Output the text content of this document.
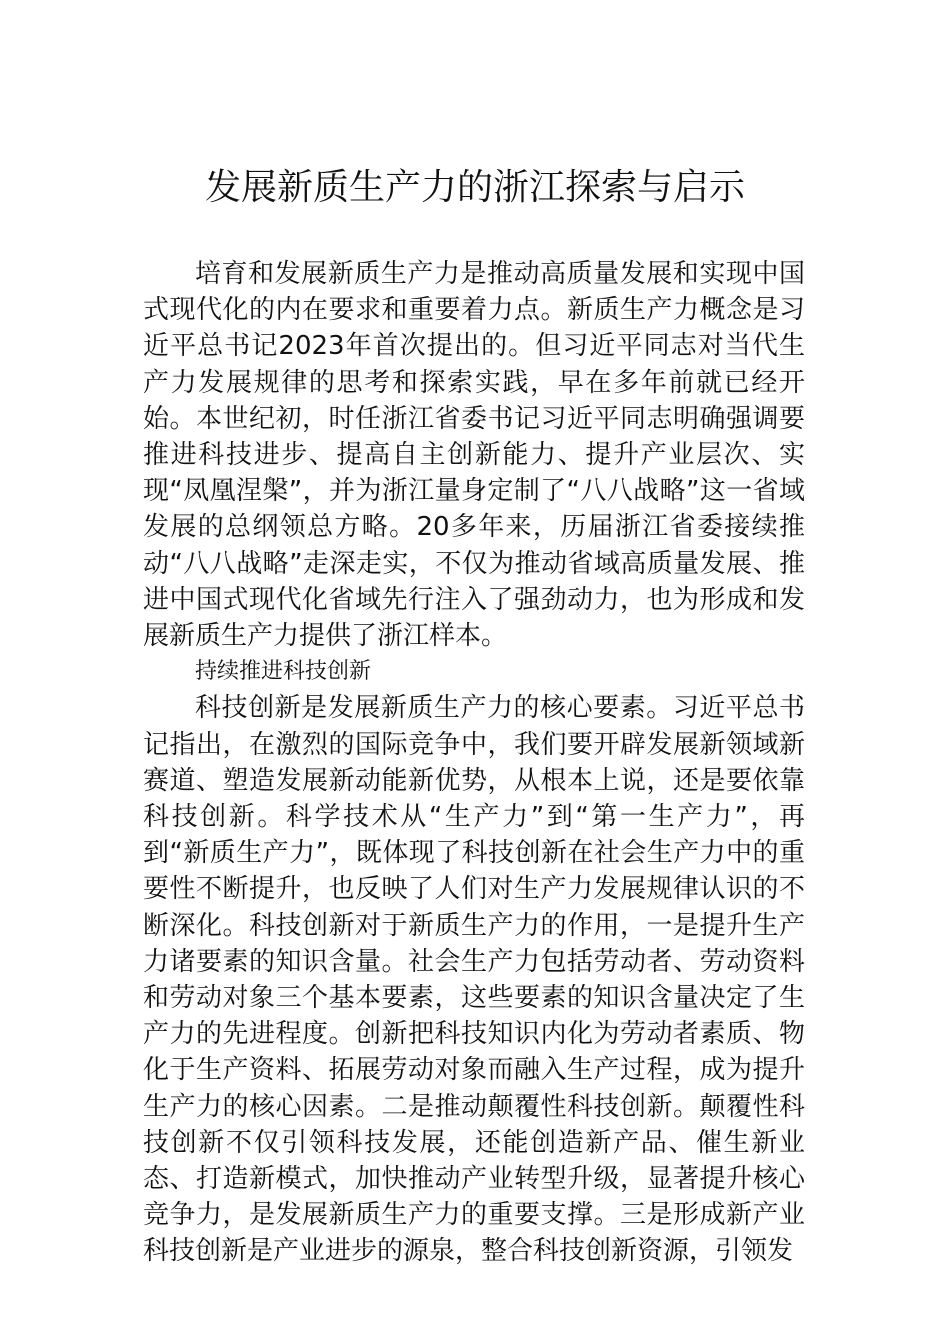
发展新质生产力的浙江探索与启示

培育和发展新质生产力是推动高质量发展和实现中国式现代化的内在要求和重要着力点。新质生产力概念是习近平总书记2023年首次提出的。但习近平同志对当代生产力发展规律的思考和探索实践，早在多年前就已经开始。本世纪初，时任浙江省委书记习近平同志明确强调要推进科技进步、提高自主创新能力、提升产业层次、实现“凤凰涅槃”，并为浙江量身定制了“八八战略”这一省域发展的总纲领总方略。20多年来，历届浙江省委接续推动“八八战略”走深走实，不仅为推动省域高质量发展、推进中国式现代化省域先行注入了强劲动力，也为形成和发展新质生产力提供了浙江样本。

持续推进科技创新

科技创新是发展新质生产力的核心要素。习近平总书记指出，在激烈的国际竞争中，我们要开辟发展新领域新赛道、塑造发展新动能新优势，从根本上说，还是要依靠科技创新。科学技术从“生产力”到“第一生产力”，再到“新质生产力”，既体现了科技创新在社会生产力中的重要性不断提升，也反映了人们对生产力发展规律认识的不断深化。科技创新对于新质生产力的作用，一是提升生产力诸要素的知识含量。社会生产力包括劳动者、劳动资料和劳动对象三个基本要素，这些要素的知识含量决定了生产力的先进程度。创新把科技知识内化为劳动者素质、物化于生产资料、拓展劳动对象而融入生产过程，成为提升生产力的核心因素。二是推动颠覆性科技创新。颠覆性科技创新不仅引领科技发展，还能创造新产品、催生新业态、打造新模式，加快推动产业转型升级，显著提升核心竞争力，是发展新质生产力的重要支撑。三是形成新产业科技创新是产业进步的源泉，整合科技创新资源，引领发
